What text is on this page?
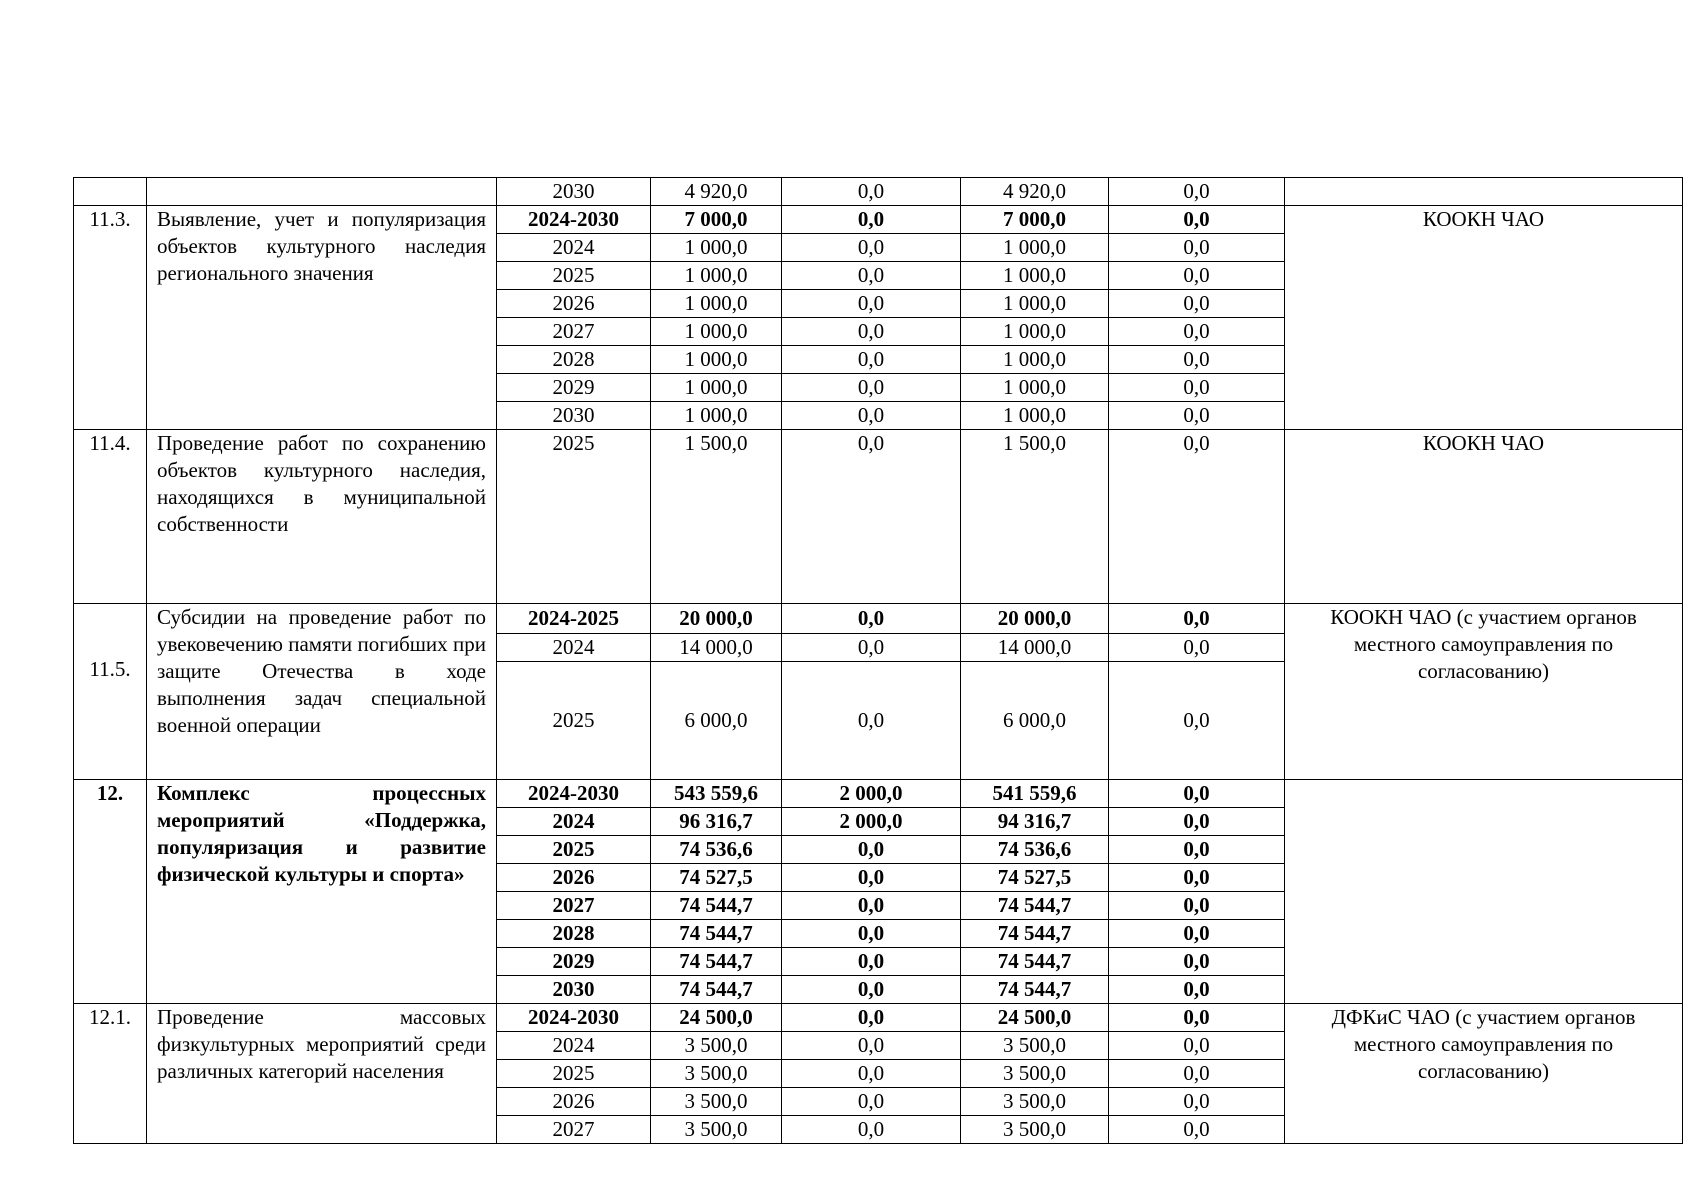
		2030	4 920,0	0,0	4 920,0	0,0	
11.3.	Выявление, учет и популяризация объектов культурного наследия регионального значения	2024-2030	7 000,0	0,0	7 000,0	0,0	КООКН ЧАО
		2024	1 000,0	0,0	1 000,0	0,0	
		2025	1 000,0	0,0	1 000,0	0,0	
		2026	1 000,0	0,0	1 000,0	0,0	
		2027	1 000,0	0,0	1 000,0	0,0	
		2028	1 000,0	0,0	1 000,0	0,0	
		2029	1 000,0	0,0	1 000,0	0,0	
		2030	1 000,0	0,0	1 000,0	0,0	
11.4.	Проведение работ по сохранению объектов культурного наследия, находящихся в муниципальной собственности	2025	1 500,0	0,0	1 500,0	0,0	КООКН ЧАО
11.5.	Субсидии на проведение работ по увековечению памяти погибших при защите Отечества в ходе выполнения задач специальной военной операции	2024-2025	20 000,0	0,0	20 000,0	0,0	КООКН ЧАО (с участием органов местного самоуправления по согласованию)
		2024	14 000,0	0,0	14 000,0	0,0	
		2025	6 000,0	0,0	6 000,0	0,0	
12.	Комплекс процессных мероприятий «Поддержка, популяризация и развитие физической культуры и спорта»	2024-2030	543 559,6	2 000,0	541 559,6	0,0	
		2024	96 316,7	2 000,0	94 316,7	0,0	
		2025	74 536,6	0,0	74 536,6	0,0	
		2026	74 527,5	0,0	74 527,5	0,0	
		2027	74 544,7	0,0	74 544,7	0,0	
		2028	74 544,7	0,0	74 544,7	0,0	
		2029	74 544,7	0,0	74 544,7	0,0	
		2030	74 544,7	0,0	74 544,7	0,0	
12.1.	Проведение массовых физкультурных мероприятий среди различных категорий населения	2024-2030	24 500,0	0,0	24 500,0	0,0	ДФКиС ЧАО (с участием органов местного самоуправления по согласованию)
		2024	3 500,0	0,0	3 500,0	0,0	
		2025	3 500,0	0,0	3 500,0	0,0	
		2026	3 500,0	0,0	3 500,0	0,0	
		2027	3 500,0	0,0	3 500,0	0,0	
